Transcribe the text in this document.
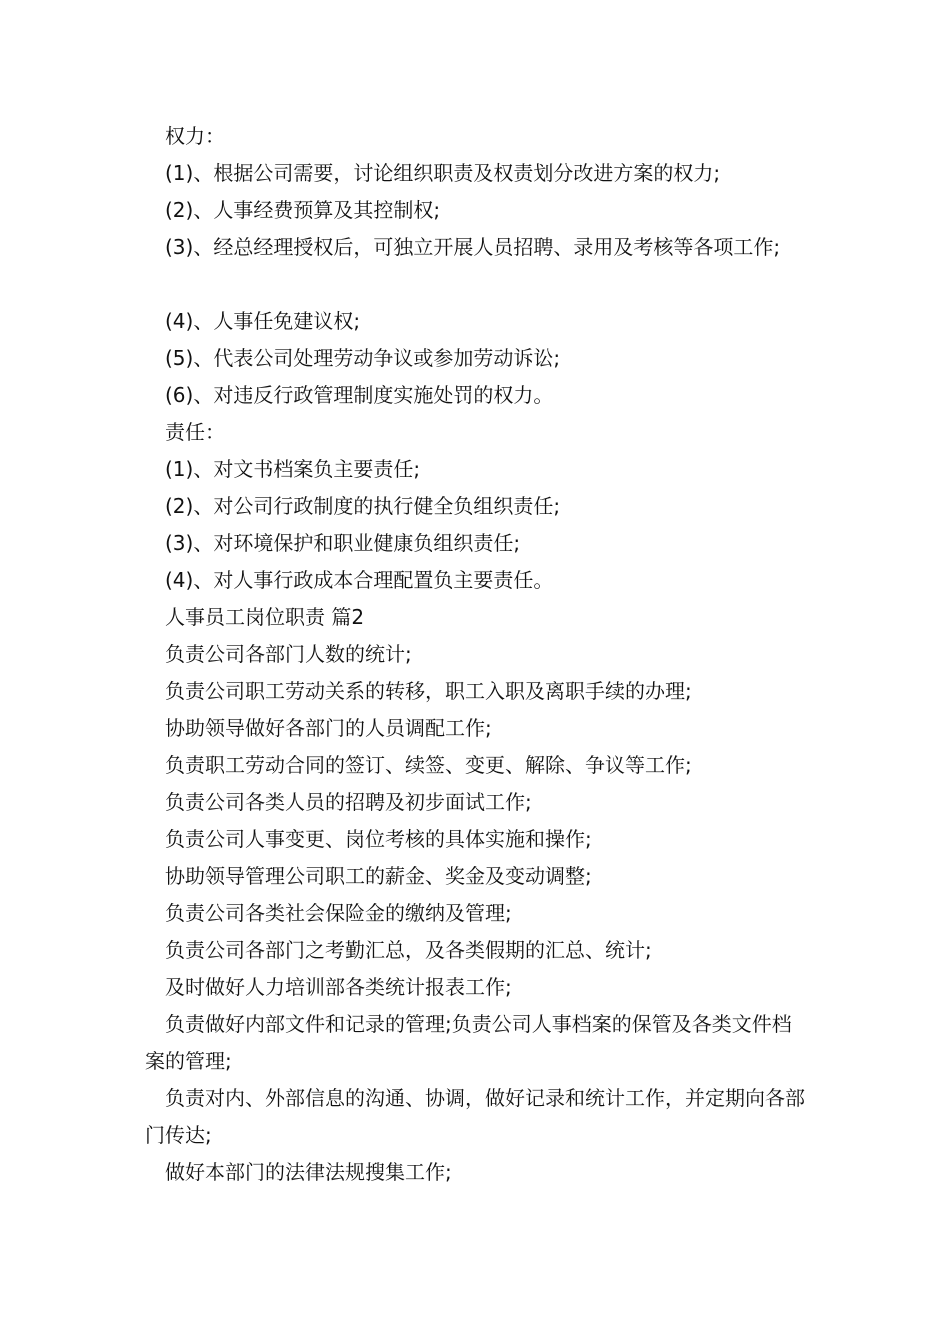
权力：
(1)、根据公司需要，讨论组织职责及权责划分改进方案的权力;
(2)、人事经费预算及其控制权;
(3)、经总经理授权后，可独立开展人员招聘、录用及考核等各项工作;
(4)、人事任免建议权;
(5)、代表公司处理劳动争议或参加劳动诉讼;
(6)、对违反行政管理制度实施处罚的权力。
责任：
(1)、对文书档案负主要责任;
(2)、对公司行政制度的执行健全负组织责任;
(3)、对环境保护和职业健康负组织责任;
(4)、对人事行政成本合理配置负主要责任。
人事员工岗位职责 篇2
负责公司各部门人数的统计;
负责公司职工劳动关系的转移，职工入职及离职手续的办理;
协助领导做好各部门的人员调配工作;
负责职工劳动合同的签订、续签、变更、解除、争议等工作;
负责公司各类人员的招聘及初步面试工作;
负责公司人事变更、岗位考核的具体实施和操作;
协助领导管理公司职工的薪金、奖金及变动调整;
负责公司各类社会保险金的缴纳及管理;
负责公司各部门之考勤汇总，及各类假期的汇总、统计;
及时做好人力培训部各类统计报表工作;
负责做好内部文件和记录的管理;负责公司人事档案的保管及各类文件档案的管理;
负责对内、外部信息的沟通、协调，做好记录和统计工作，并定期向各部门传达;
做好本部门的法律法规搜集工作;
